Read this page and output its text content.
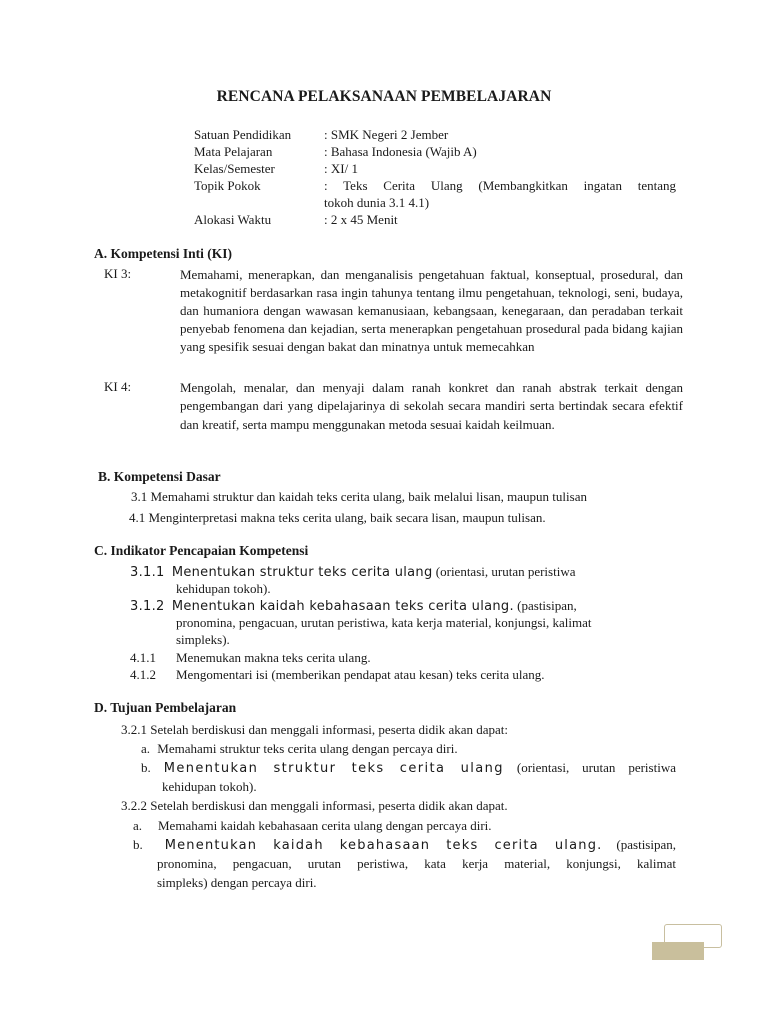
RENCANA PELAKSANAAN PEMBELAJARAN
Satuan Pendidikan	: SMK Negeri 2 Jember
Mata Pelajaran	: Bahasa Indonesia (Wajib A)
Kelas/Semester	: XI/ 1
Topik Pokok	: Teks Cerita Ulang (Membangkitkan ingatan tentang
tokoh dunia 3.1 4.1)
Alokasi Waktu	: 2 x 45 Menit
A. Kompetensi Inti (KI)
KI 3:	Memahami, menerapkan, dan menganalisis pengetahuan faktual, konseptual, prosedural, dan metakognitif berdasarkan rasa ingin tahunya tentang ilmu pengetahuan, teknologi, seni, budaya, dan humaniora dengan wawasan kemanusiaan, kebangsaan, kenegaraan, dan peradaban terkait penyebab fenomena dan kejadian, serta menerapkan pengetahuan prosedural pada bidang kajian yang spesifik sesuai dengan bakat dan minatnya untuk memecahkan
KI 4:	Mengolah, menalar, dan menyaji dalam ranah konkret dan ranah abstrak terkait dengan pengembangan dari yang dipelajarinya di sekolah secara mandiri serta bertindak secara efektif dan kreatif, serta mampu menggunakan metoda sesuai kaidah keilmuan.
B. Kompetensi Dasar
3.1 Memahami struktur dan kaidah teks cerita ulang, baik melalui lisan, maupun tulisan
4.1 Menginterpretasi makna teks cerita ulang, baik secara lisan, maupun tulisan.
C. Indikator Pencapaian Kompetensi
3.1.1 Menentukan struktur teks cerita ulang (orientasi, urutan peristiwa
kehidupan tokoh).
3.1.2 Menentukan kaidah kebahasaan teks cerita ulang. (pastisipan,
pronomina, pengacuan, urutan peristiwa, kata kerja material, konjungsi, kalimat
simpleks).
4.1.1 Menemukan makna teks cerita ulang.
4.1.2 Mengomentari isi (memberikan pendapat atau kesan) teks cerita ulang.
D. Tujuan Pembelajaran
3.2.1 Setelah berdiskusi dan menggali informasi, peserta didik akan dapat:
a. Memahami struktur teks cerita ulang dengan percaya diri.
b. Menentukan struktur teks cerita ulang (orientasi, urutan peristiwa
kehidupan tokoh).
3.2.2 Setelah berdiskusi dan menggali informasi, peserta didik akan dapat.
a. Memahami kaidah kebahasaan cerita ulang dengan percaya diri.
b. Menentukan kaidah kebahasaan teks cerita ulang. (pastisipan,
pronomina, pengacuan, urutan peristiwa, kata kerja material, konjungsi, kalimat
simpleks) dengan percaya diri.
